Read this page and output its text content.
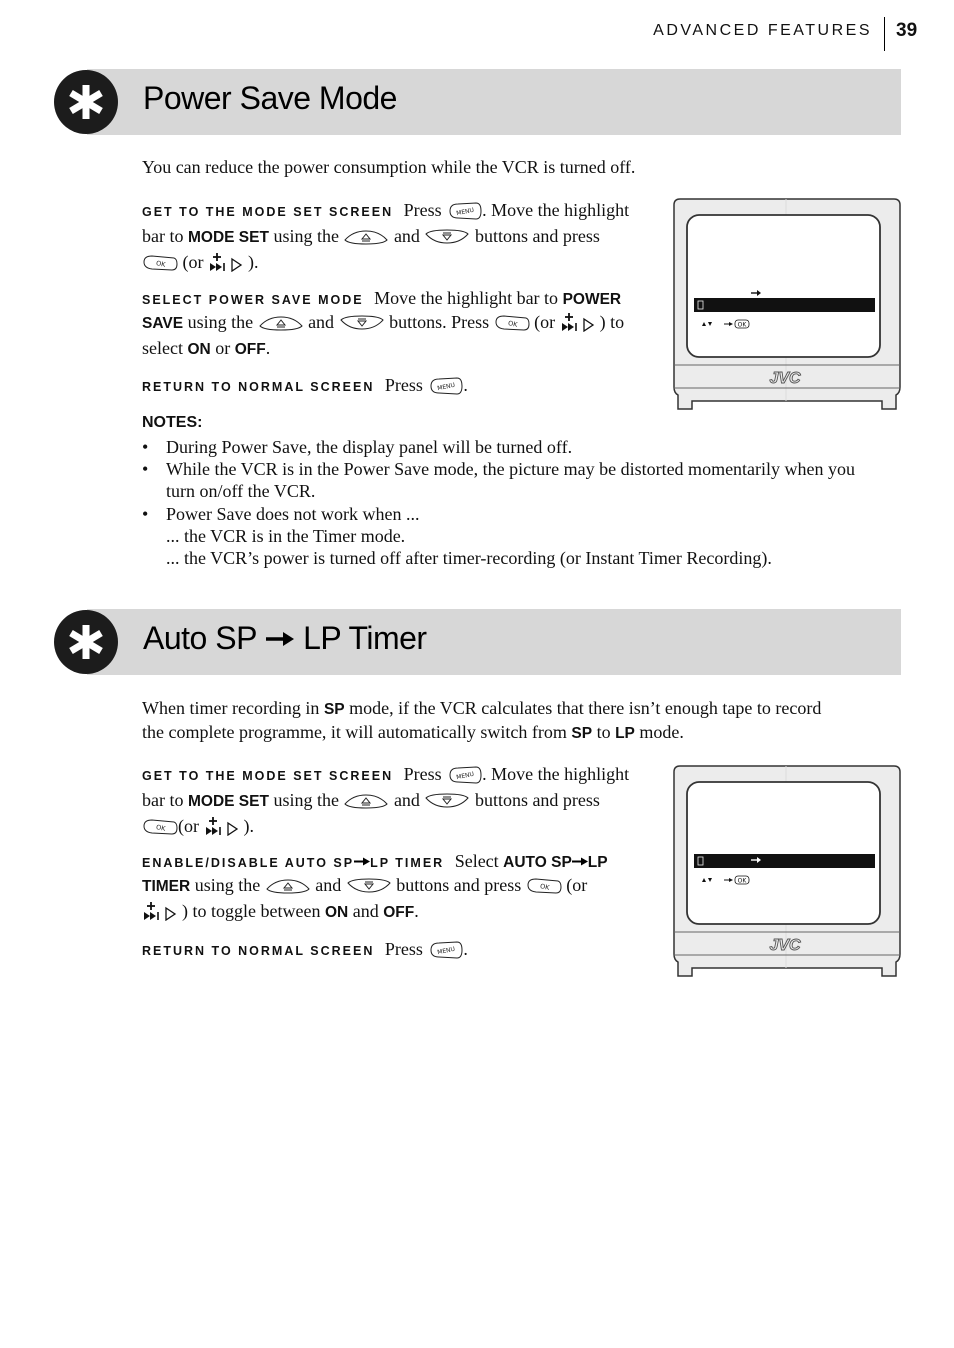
ADVANCED FEATURES 39
Power Save Mode
You can reduce the power consumption while the VCR is turned off.
GET TO THE MODE SET SCREEN Press MENU . Move the highlight
bar to MODE SET using the	and	buttons and press

OK (or ).
SELECT POWER SAVE MODE Move the highlight bar to POWER
SAVE using the	and	buttons. Press	OK (or ) to
select ON or OFF.
RETURN TO NORMAL SCREEN Press MENU .
OK
JVC
NOTES:
• During Power Save, the display panel will be turned off.
• While the VCR is in the Power Save mode, the picture may be distorted momentarily when you turn on/off the VCR.
• Power Save does not work when ...
... the VCR is in the Timer mode.
... the VCR’s power is turned off after timer-recording (or Instant Timer Recording).
Auto SP LP Timer
When timer recording in SP mode, if the VCR calculates that there isn’t enough tape to record
the complete programme, it will automatically switch from SP to LP mode.
GET TO THE MODE SET SCREEN Press MENU . Move the highlight
bar to MODE SET using the	and	buttons and press

OK (or ).
ENABLE/DISABLE AUTO SP LP TIMER Select AUTO SP LP
TIMER using the	and	buttons and press	OK (or
) to toggle between ON and OFF.
RETURN TO NORMAL SCREEN Press MENU .
OK
JVC
